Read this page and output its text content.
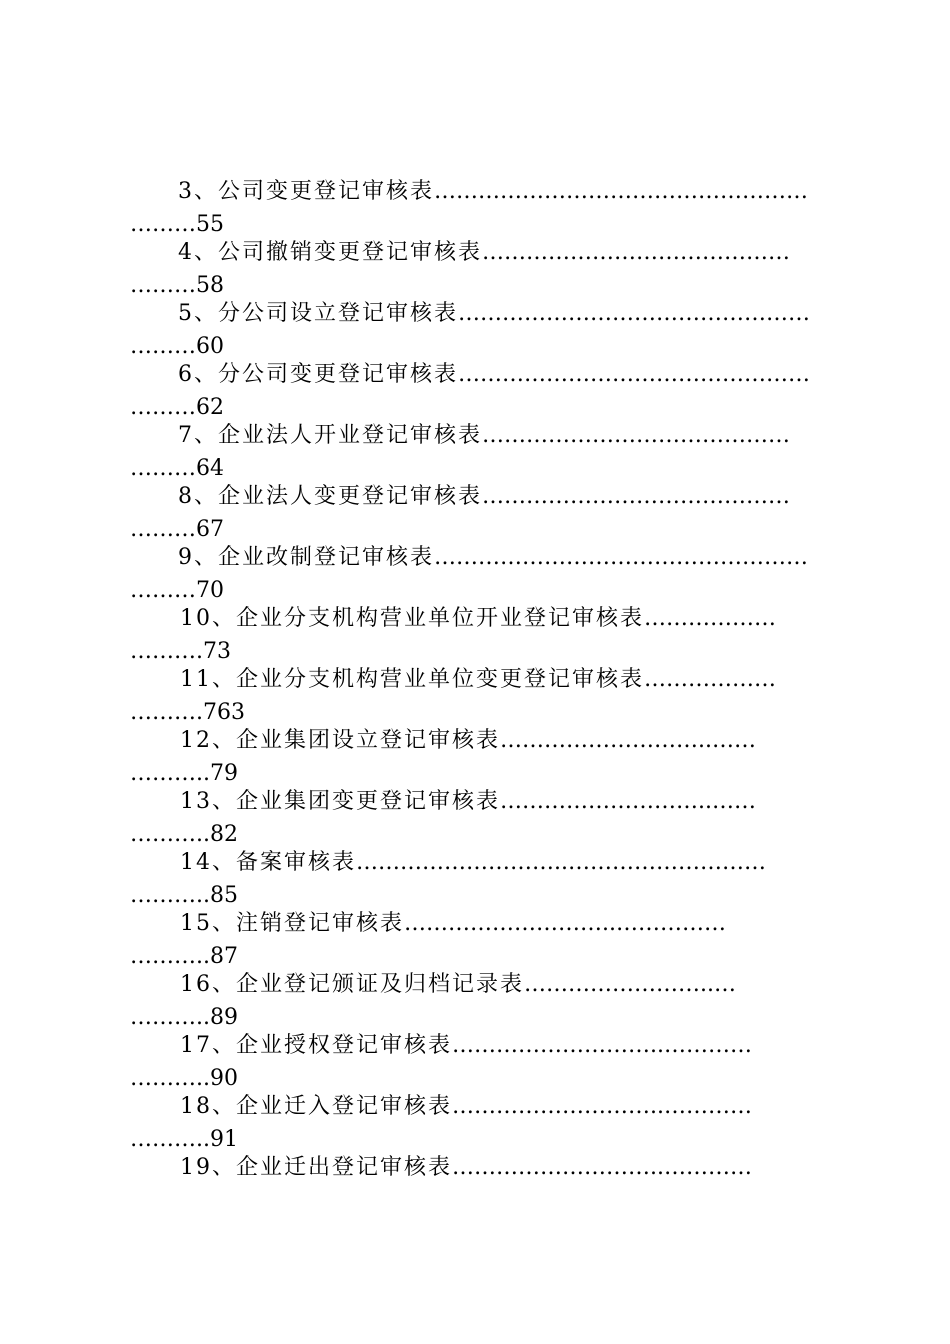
3、公司变更登记审核表……………………………………………
………55
4、公司撤销变更登记审核表……………………………………
………58
5、分公司设立登记审核表…………………………………………
………60
6、分公司变更登记审核表…………………………………………
………62
7、企业法人开业登记审核表……………………………………
………64
8、企业法人变更登记审核表……………………………………
………67
9、企业改制登记审核表……………………………………………
………70
10、企业分支机构营业单位开业登记审核表………………
……….73
11、企业分支机构营业单位变更登记审核表………………
……….763
12、企业集团设立登记审核表………………………..……
………..79
13、企业集团变更登记审核表………………………..……
………..82
14、备案审核表………………………..………………………
………..85
15、注销登记审核表………………………..……………
………..87
16、企业登记颁证及归档记录表……………………..…
………..89
17、企业授权登记审核表………………………..…………
………..90
18、企业迁入登记审核表………………………..…………
………..91
19、企业迁出登记审核表………………………..…………
